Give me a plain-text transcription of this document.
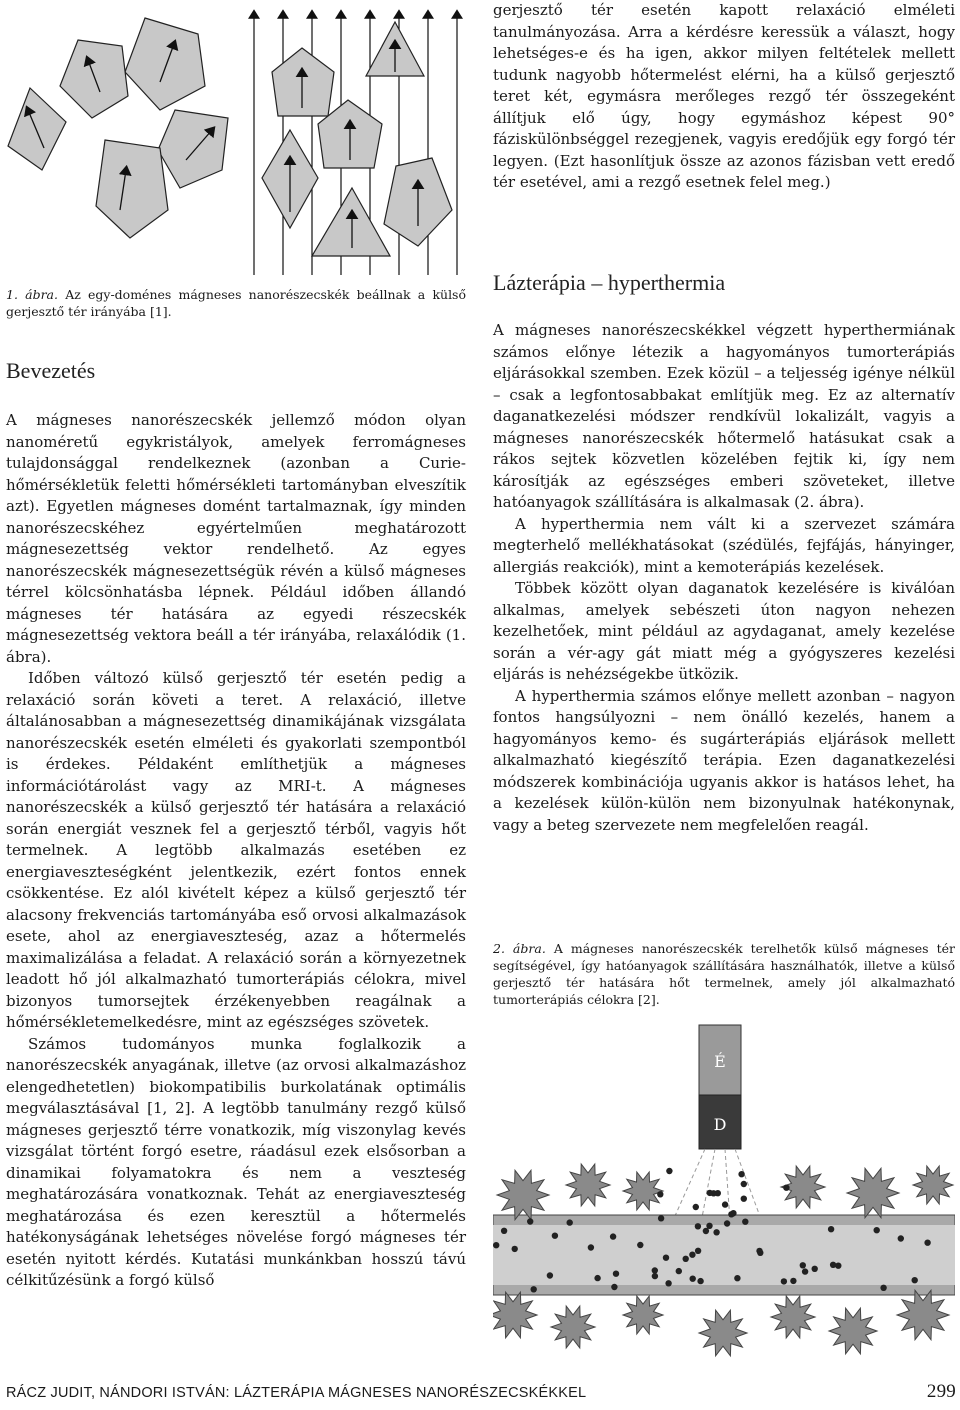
gerjesztő tér esetén kapott relaxáció elméleti tanulmányozása. Arra a kérdésre keressük a választ, hogy lehetséges-e és ha igen, akkor milyen feltételek mellett tudunk nagyobb hőtermelést elérni, ha a külső gerjesztő teret két, egymásra merőleges rezgő tér összegeként állítjuk elő úgy, hogy egymáshoz képest 90° fáziskülönbséggel rezegjenek, vagyis eredőjük egy forgó tér legyen. (Ezt hasonlítjuk össze az azonos fázisban vett eredő tér esetével, ami a rezgő esetnek felel meg.)

1. ábra. Az egy-doménes mágneses nanorészecskék beállnak a külső gerjesztő tér irányába [1].
Bevezetés

A mágneses nanorészecskék jellemző módon olyan nanoméretű egykristályok, amelyek ferromágneses tulajdonsággal rendelkeznek (azonban a Curie-hőmérsékletük feletti hőmérsékleti tartományban elveszítik azt). Egyetlen mágneses domént tartalmaznak, így minden nanorészecskéhez egyértelműen meghatározott mágnesezettség vektor rendelhető. Az egyes nanorészecskék mágnesezettségük révén a külső mágneses térrel kölcsönhatásba lépnek. Például időben állandó mágneses tér hatására az egyedi részecskék mágnesezettség vektora beáll a tér irányába, relaxálódik (1. ábra).

Időben változó külső gerjesztő tér esetén pedig a relaxáció során követi a teret. A relaxáció, illetve általánosabban a mágnesezettség dinamikájának vizsgálata nanorészecskék esetén elméleti és gyakorlati szempontból is érdekes. Példaként említhetjük a mágneses információtárolást vagy az MRI-t. A mágneses nanorészecskék a külső gerjesztő tér hatására a relaxáció során energiát vesznek fel a gerjesztő térből, vagyis hőt termelnek. A legtöbb alkalmazás esetében ez energiaveszteségként jelentkezik, ezért fontos ennek csökkentése. Ez alól kivételt képez a külső gerjesztő tér alacsony frekvenciás tartományába eső orvosi alkalmazások esete, ahol az energiaveszteség, azaz a hőtermelés maximalizálása a feladat. A relaxáció során a környezetnek leadott hő jól alkalmazható tumorterápiás célokra, mivel bizonyos tumorsejtek érzékenyebben reagálnak a hőmérsékletemelkedésre, mint az egészséges szövetek.

Számos tudományos munka foglalkozik a nanorészecskék anyagának, illetve (az orvosi alkalmazáshoz elengedhetetlen) biokompatibilis burkolatának optimális megválasztásával [1, 2]. A legtöbb tanulmány rezgő külső mágneses gerjesztő térre vonatkozik, míg viszonylag kevés vizsgálat történt forgó esetre, ráadásul ezek elsősorban a dinamikai folyamatokra és nem a veszteség meghatározására vonatkoznak. Tehát az energiaveszteség meghatározása és ezen keresztül a hőtermelés hatékonyságának lehetséges növelése forgó mágneses tér esetén nyitott kérdés. Kutatási munkánkban hosszú távú célkitűzésünk a forgó külső

Lázterápia – hyperthermia

A mágneses nanorészecskékkel végzett hyperthermiának számos előnye létezik a hagyományos tumorterápiás eljárásokkal szemben. Ezek közül – a teljesség igénye nélkül – csak a legfontosabbakat említjük meg. Ez az alternatív daganatkezelési módszer rendkívül lokalizált, vagyis a mágneses nanorészecskék hőtermelő hatásukat csak a rákos sejtek közvetlen közelében fejtik ki, így nem károsítják az egészséges emberi szöveteket, illetve hatóanyagok szállítására is alkalmasak (2. ábra).

A hyperthermia nem vált ki a szervezet számára megterhelő mellékhatásokat (szédülés, fejfájás, hányinger, allergiás reakciók), mint a kemoterápiás kezelések.

Többek között olyan daganatok kezelésére is kiválóan alkalmas, amelyek sebészeti úton nagyon nehezen kezelhetőek, mint például az agydaganat, amely kezelése során a vér-agy gát miatt még a gyógyszeres kezelési eljárás is nehézségekbe ütközik.

A hyperthermia számos előnye mellett azonban – nagyon fontos hangsúlyozni – nem önálló kezelés, hanem a hagyományos kemo- és sugárterápiás eljárások mellett alkalmazható kiegészítő terápia. Ezen daganatkezelési módszerek kombinációja ugyanis akkor is hatásos lehet, ha a kezelések külön-külön nem bizonyulnak hatékonynak, vagy a beteg szervezete nem megfelelően reagál.

2. ábra. A mágneses nanorészecskék terelhetők külső mágneses tér segítségével, így hatóanyagok szállítására használhatók, illetve a külső gerjesztő tér hatására hőt termelnek, amely jól alkalmazható tumorterápiás célokra [2].
É
D
RÁCZ JUDIT, NÁNDORI ISTVÁN: LÁZTERÁPIA MÁGNESES NANORÉSZECSKÉKKEL	299
